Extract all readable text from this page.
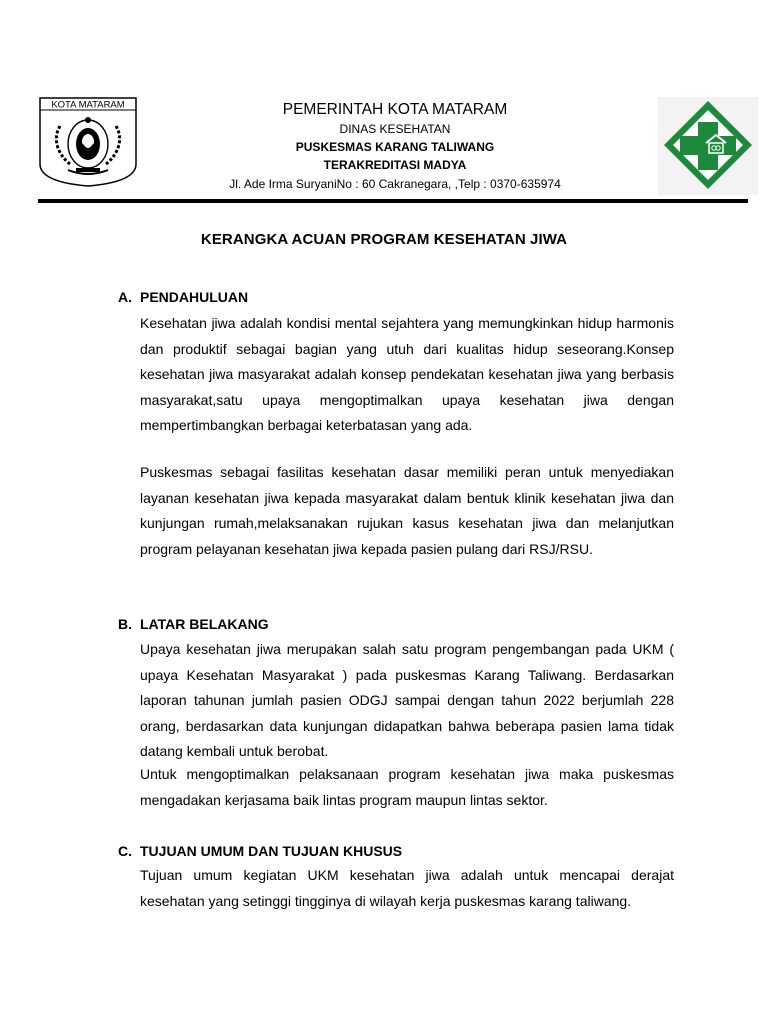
KOTA MATARAM	PEMERINTAH KOTA MATARAM
DINAS KESEHATAN
PUSKESMAS KARANG TALIWANG
TERAKREDITASI MADYA
Jl. Ade Irma SuryaniNo : 60 Cakranegara, ,Telp : 0370-635974
KERANGKA ACUAN PROGRAM KESEHATAN JIWA
A. PENDAHULUAN
Kesehatan jiwa adalah kondisi mental sejahtera yang memungkinkan hidup harmonis dan produktif sebagai bagian yang utuh dari kualitas hidup seseorang.Konsep kesehatan jiwa masyarakat adalah konsep pendekatan kesehatan jiwa yang berbasis masyarakat,satu upaya mengoptimalkan upaya kesehatan jiwa dengan mempertimbangkan berbagai keterbatasan yang ada.
Puskesmas sebagai fasilitas kesehatan dasar memiliki peran untuk menyediakan layanan kesehatan jiwa kepada masyarakat dalam bentuk klinik kesehatan jiwa dan kunjungan rumah,melaksanakan rujukan kasus kesehatan jiwa dan melanjutkan program pelayanan kesehatan jiwa kepada pasien pulang dari RSJ/RSU.
B. LATAR BELAKANG
Upaya kesehatan jiwa merupakan salah satu program pengembangan pada UKM ( upaya Kesehatan Masyarakat ) pada puskesmas Karang Taliwang. Berdasarkan laporan tahunan jumlah pasien ODGJ sampai dengan tahun 2022 berjumlah 228 orang, berdasarkan data kunjungan didapatkan bahwa beberapa pasien lama tidak datang kembali untuk berobat.
Untuk mengoptimalkan pelaksanaan program kesehatan jiwa maka puskesmas mengadakan kerjasama baik lintas program maupun lintas sektor.
C. TUJUAN UMUM DAN TUJUAN KHUSUS
Tujuan umum kegiatan UKM kesehatan jiwa adalah untuk mencapai derajat kesehatan yang setinggi tingginya di wilayah kerja puskesmas karang taliwang.
